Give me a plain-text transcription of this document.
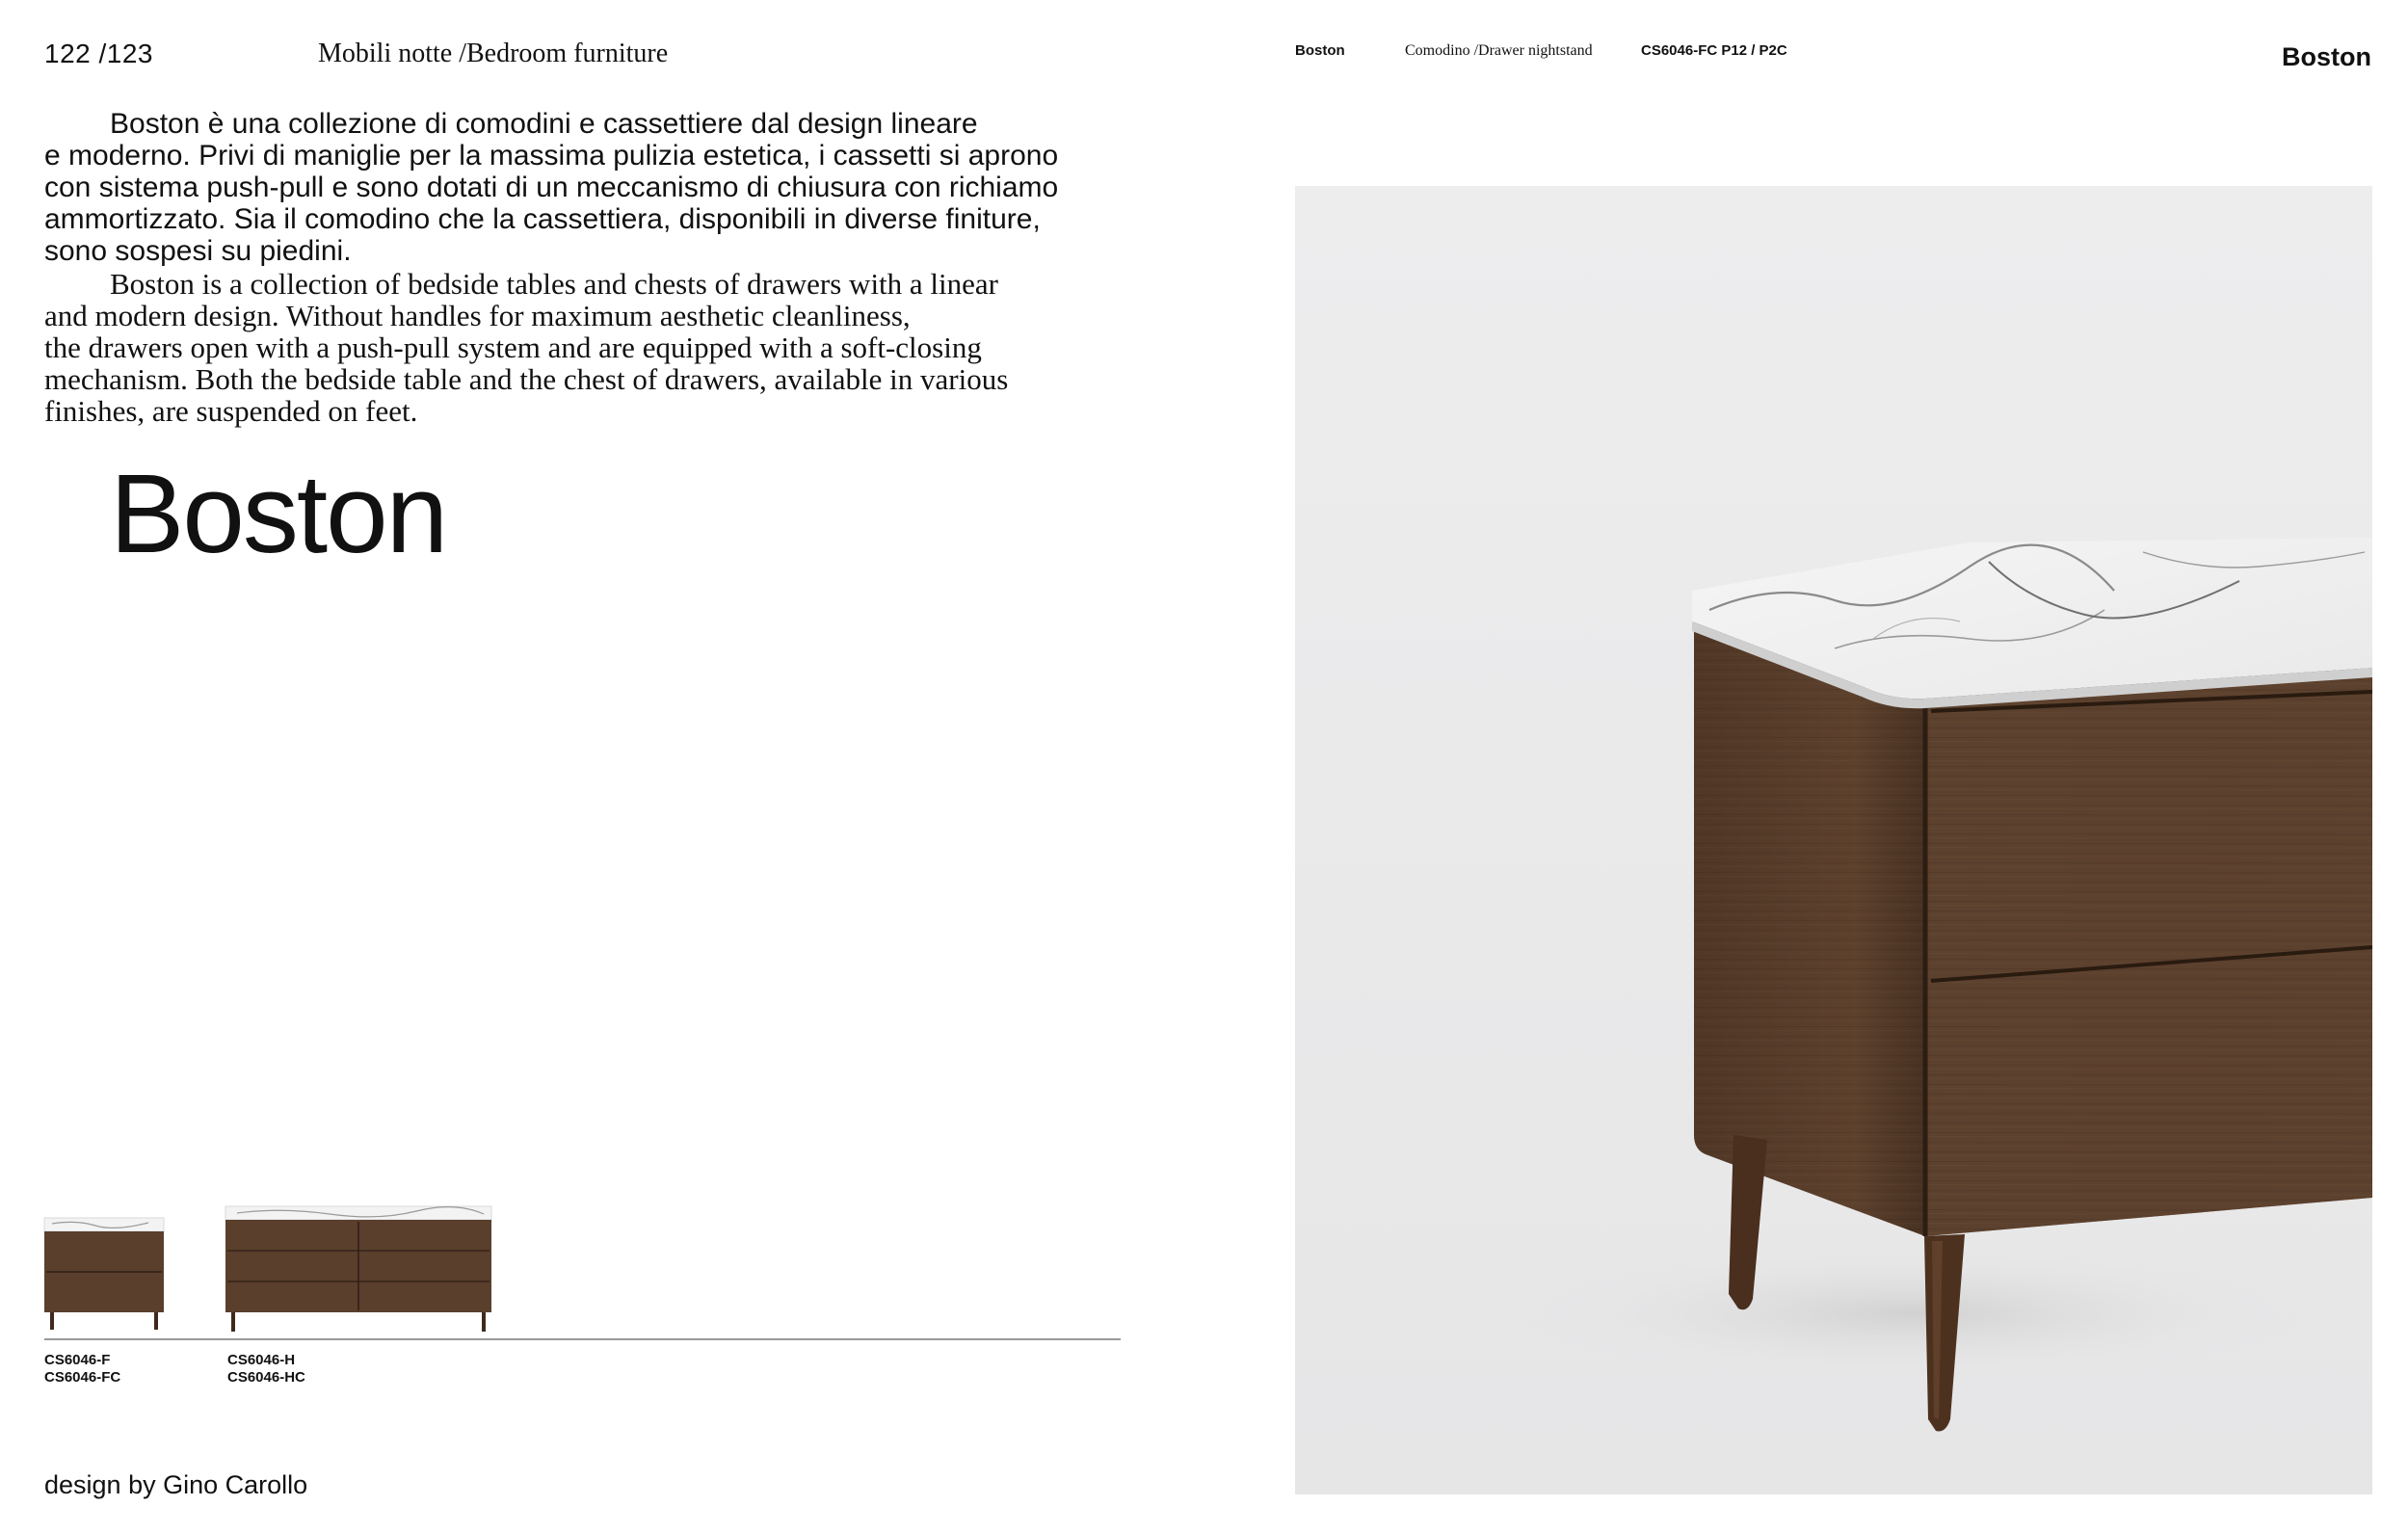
122 /123	Mobili notte /Bedroom furniture
Boston è una collezione di comodini e cassettiere dal design lineare
e moderno. Privi di maniglie per la massima pulizia estetica, i cassetti si aprono
con sistema push-pull e sono dotati di un meccanismo di chiusura con richiamo
ammortizzato. Sia il comodino che la cassettiera, disponibili in diverse finiture,
sono sospesi su piedini.
Boston is a collection of bedside tables and chests of drawers with a linear
and modern design. Without handles for maximum aesthetic cleanliness,
the drawers open with a push-pull system and are equipped with a soft-closing
mechanism. Both the bedside table and the chest of drawers, available in various
finishes, are suspended on feet.
Boston
CS6046-F
CS6046-FC
CS6046-H
CS6046-HC
design by Gino Carollo
Boston	Comodino /Drawer nightstand	CS6046-FC P12 / P2C	Boston
